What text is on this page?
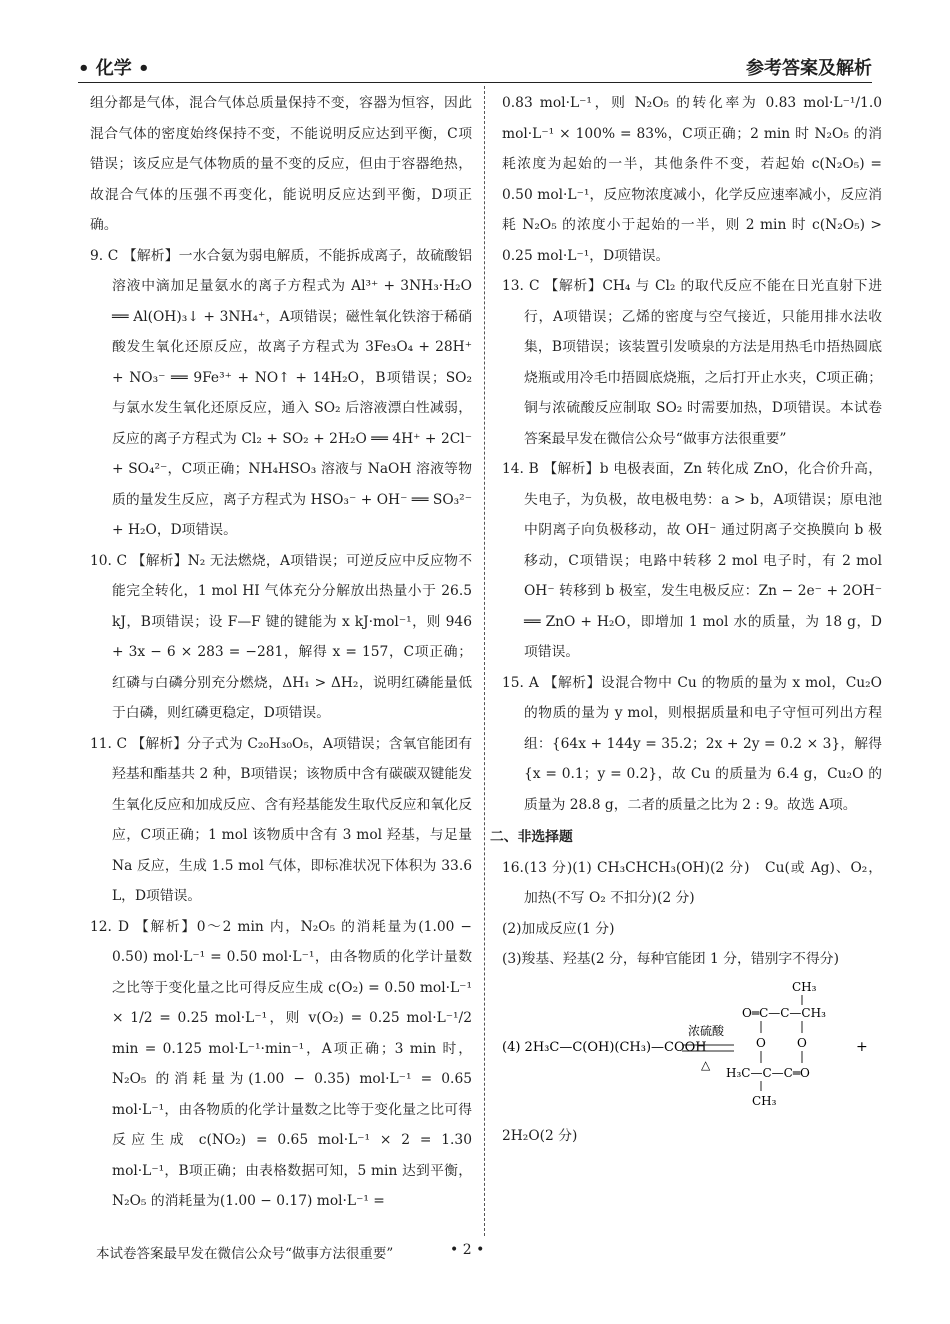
• 化学 •	参考答案及解析

组分都是气体，混合气体总质量保持不变，容器为恒容，因此混合气体的密度始终保持不变，不能说明反应达到平衡，C项错误；该反应是气体物质的量不变的反应，但由于容器绝热，故混合气体的压强不再变化，能说明反应达到平衡，D项正确。

9. C 【解析】一水合氨为弱电解质，不能拆成离子，故硫酸铝溶液中滴加足量氨水的离子方程式为 Al³⁺ + 3NH₃·H₂O ══ Al(OH)₃↓ + 3NH₄⁺，A项错误；磁性氧化铁溶于稀硝酸发生氧化还原反应，故离子方程式为 3Fe₃O₄ + 28H⁺ + NO₃⁻ ══ 9Fe³⁺ + NO↑ + 14H₂O，B项错误；SO₂ 与氯水发生氧化还原反应，通入 SO₂ 后溶液漂白性减弱，反应的离子方程式为 Cl₂ + SO₂ + 2H₂O ══ 4H⁺ + 2Cl⁻ + SO₄²⁻，C项正确；NH₄HSO₃ 溶液与 NaOH 溶液等物质的量发生反应，离子方程式为 HSO₃⁻ + OH⁻ ══ SO₃²⁻ + H₂O，D项错误。

10. C 【解析】N₂ 无法燃烧，A项错误；可逆反应中反应物不能完全转化，1 mol HI 气体充分分解放出热量小于 26.5 kJ，B项错误；设 F—F 键的键能为 x kJ·mol⁻¹，则 946 + 3x − 6 × 283 = −281，解得 x = 157，C项正确；红磷与白磷分别充分燃烧，ΔH₁ > ΔH₂，说明红磷能量低于白磷，则红磷更稳定，D项错误。

11. C 【解析】分子式为 C₂₀H₃₀O₅，A项错误；含氧官能团有羟基和酯基共 2 种，B项错误；该物质中含有碳碳双键能发生氧化反应和加成反应、含有羟基能发生取代反应和氧化反应，C项正确；1 mol 该物质中含有 3 mol 羟基，与足量 Na 反应，生成 1.5 mol 气体，即标准状况下体积为 33.6 L，D项错误。

12. D 【解析】0～2 min 内，N₂O₅ 的消耗量为(1.00 − 0.50) mol·L⁻¹ = 0.50 mol·L⁻¹，由各物质的化学计量数之比等于变化量之比可得反应生成 c(O₂) = 0.50 mol·L⁻¹ × 1/2 = 0.25 mol·L⁻¹，则 v(O₂) = 0.25 mol·L⁻¹/2 min = 0.125 mol·L⁻¹·min⁻¹，A项正确；3 min 时，N₂O₅ 的消耗量为(1.00 − 0.35) mol·L⁻¹ = 0.65 mol·L⁻¹，由各物质的化学计量数之比等于变化量之比可得反应生成 c(NO₂) = 0.65 mol·L⁻¹ × 2 = 1.30 mol·L⁻¹，B项正确；由表格数据可知，5 min 达到平衡，N₂O₅ 的消耗量为(1.00 − 0.17) mol·L⁻¹ =

0.83 mol·L⁻¹，则 N₂O₅ 的转化率为 0.83 mol·L⁻¹/1.0 mol·L⁻¹ × 100% = 83%，C项正确；2 min 时 N₂O₅ 的消耗浓度为起始的一半，其他条件不变，若起始 c(N₂O₅) = 0.50 mol·L⁻¹，反应物浓度减小，化学反应速率减小，反应消耗 N₂O₅ 的浓度小于起始的一半，则 2 min 时 c(N₂O₅) > 0.25 mol·L⁻¹，D项错误。

13. C 【解析】CH₄ 与 Cl₂ 的取代反应不能在日光直射下进行，A项错误；乙烯的密度与空气接近，只能用排水法收集，B项错误；该装置引发喷泉的方法是用热毛巾捂热圆底烧瓶或用冷毛巾捂圆底烧瓶，之后打开止水夹，C项正确；铜与浓硫酸反应制取 SO₂ 时需要加热，D项错误。本试卷答案最早发在微信公众号“做事方法很重要”

14. B 【解析】b 电极表面，Zn 转化成 ZnO，化合价升高，失电子，为负极，故电极电势：a > b，A项错误；原电池中阴离子向负极移动，故 OH⁻ 通过阴离子交换膜向 b 极移动，C项错误；电路中转移 2 mol 电子时，有 2 mol OH⁻ 转移到 b 极室，发生电极反应：Zn − 2e⁻ + 2OH⁻ ══ ZnO + H₂O，即增加 1 mol 水的质量，为 18 g，D项错误。

15. A 【解析】设混合物中 Cu 的物质的量为 x mol，Cu₂O 的物质的量为 y mol，则根据质量和电子守恒可列出方程组：{64x + 144y = 35.2；2x + 2y = 0.2 × 3}，解得 {x = 0.1；y = 0.2}，故 Cu 的质量为 6.4 g，Cu₂O 的质量为 28.8 g，二者的质量之比为 2 : 9。故选 A项。

二、非选择题

16.(13 分)(1) CH₃CHCH₃(OH)(2 分)　Cu(或 Ag)、O₂，加热(不写 O₂ 不扣分)(2 分)

(2)加成反应(1 分)

(3)羧基、羟基(2 分，每种官能团 1 分，错别字不得分)

(4) 2H₃C—C(OH)(CH₃)—COOH
浓硫酸
△
CH₃
O═C—C—CH₃
O	O
H₃C—C—C═O
CH₃
+

2H₂O(2 分)

本试卷答案最早发在微信公众号“做事方法很重要”	• 2 •
